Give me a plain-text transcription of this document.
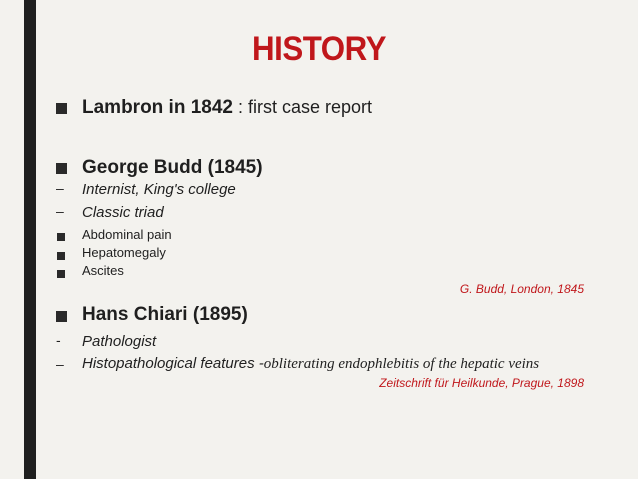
HISTORY
Lambron in 1842 : first case report
George Budd (1845)
– Internist, King's college
– Classic triad
Abdominal pain
Hepatomegaly
Ascites
G. Budd, London, 1845
Hans Chiari (1895)
- Pathologist
– Histopathological features -obliterating endophlebitis of the hepatic veins
Zeitschrift für Heilkunde, Prague, 1898
